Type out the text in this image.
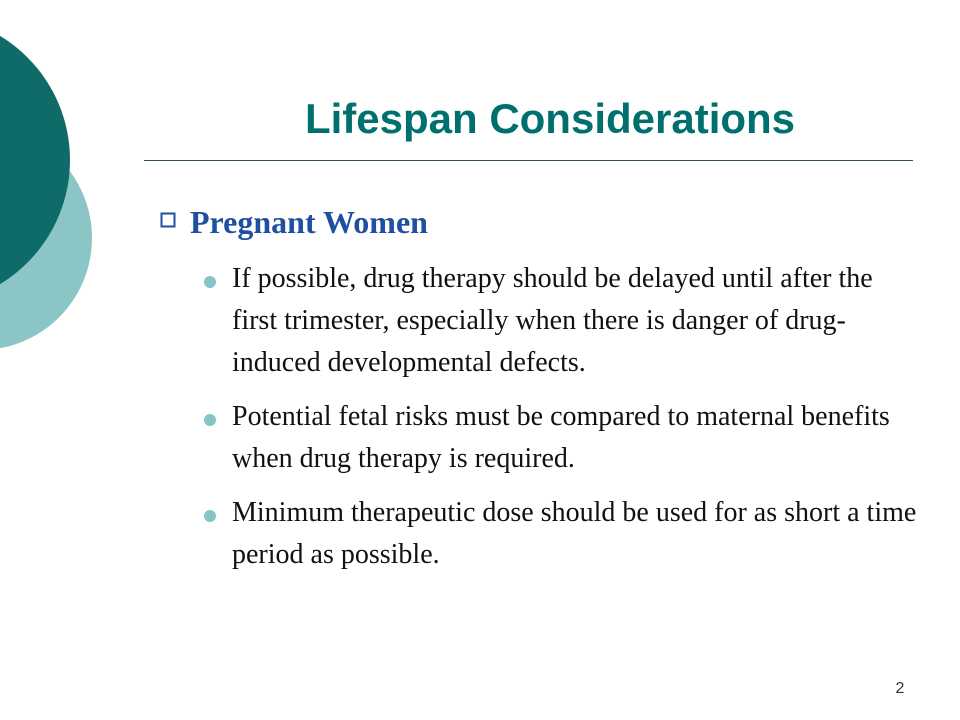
Lifespan Considerations
Pregnant Women
If possible, drug therapy should be delayed until after the first trimester, especially when there is danger of drug-induced developmental defects.
Potential fetal risks must be compared to maternal benefits when drug therapy is required.
Minimum therapeutic dose should be used for as short a time period as possible.
2
